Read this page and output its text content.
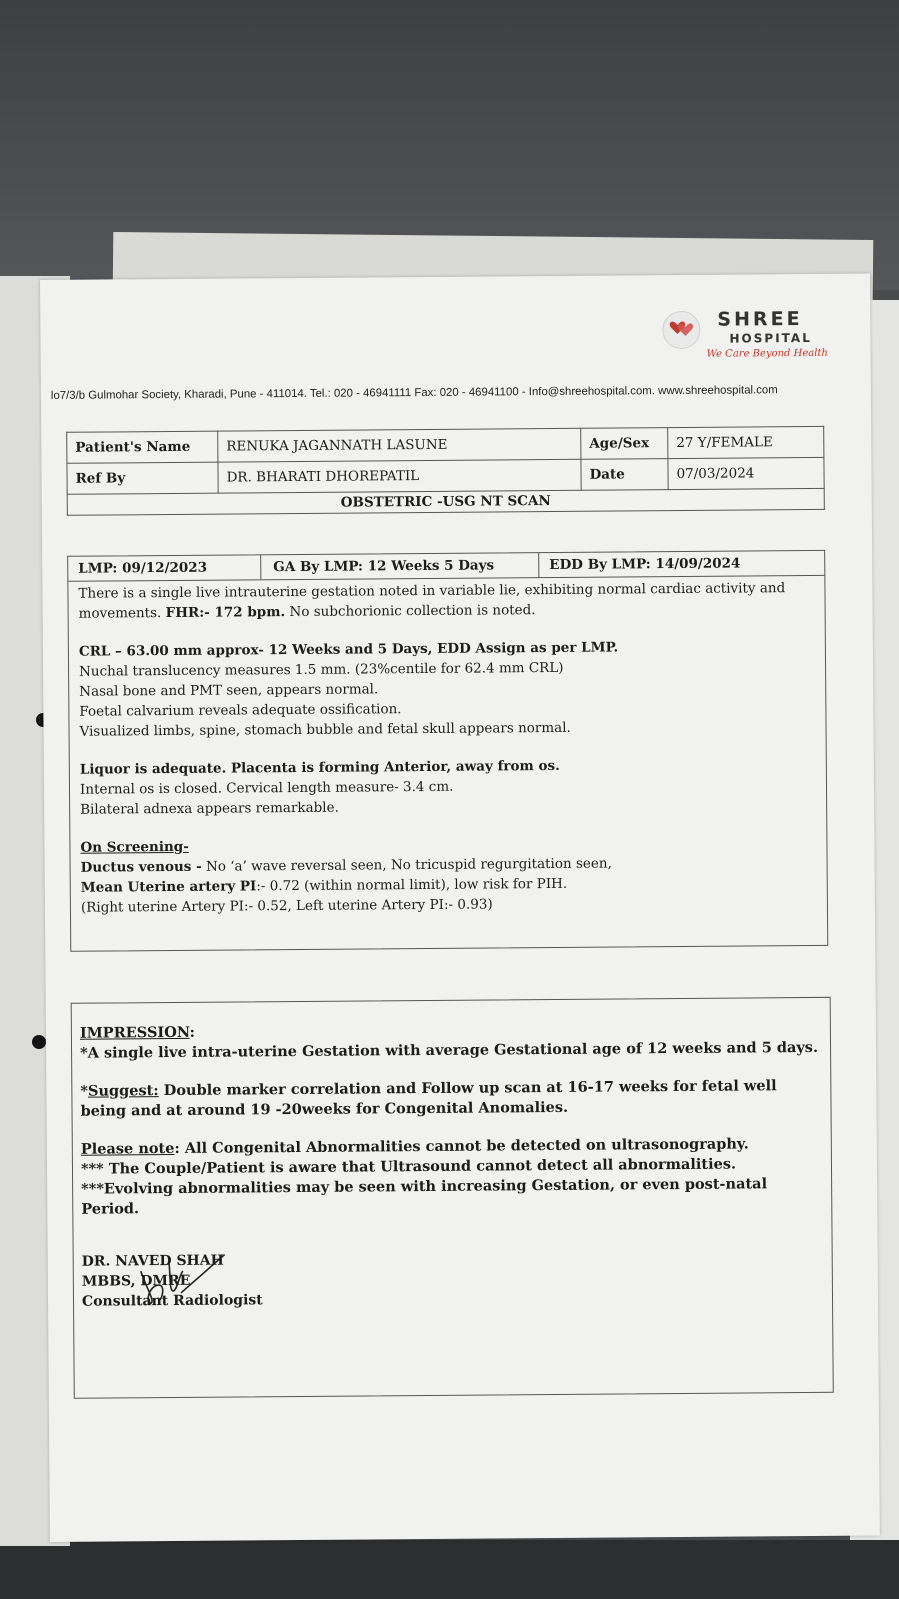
SHREE
HOSPITAL
We Care Beyond Health
lo7/3/b Gulmohar Society, Kharadi, Pune - 411014. Tel.: 020 - 46941111 Fax: 020 - 46941100 - Info@shreehospital.com. www.shreehospital.com
Patient's Name	RENUKA JAGANNATH LASUNE	Age/Sex	27 Y/FEMALE
Ref By	DR. BHARATI DHOREPATIL	Date	07/03/2024
OBSTETRIC -USG NT SCAN			
LMP: 09/12/2023	GA By LMP: 12 Weeks 5 Days	EDD By LMP: 14/09/2024

There is a single live intrauterine gestation noted in variable lie, exhibiting normal cardiac activity and movements. FHR:- 172 bpm. No subchorionic collection is noted.

CRL – 63.00 mm approx- 12 Weeks and 5 Days, EDD Assign as per LMP.

Nuchal translucency measures 1.5 mm. (23%centile for 62.4 mm CRL)

Nasal bone and PMT seen, appears normal.

Foetal calvarium reveals adequate ossification.

Visualized limbs, spine, stomach bubble and fetal skull appears normal.

Liquor is adequate. Placenta is forming Anterior, away from os.

Internal os is closed. Cervical length measure- 3.4 cm.

Bilateral adnexa appears remarkable.

On Screening-

Ductus venous - No ‘a’ wave reversal seen, No tricuspid regurgitation seen,

Mean Uterine artery PI:- 0.72 (within normal limit), low risk for PIH.

(Right uterine Artery PI:- 0.52, Left uterine Artery PI:- 0.93)

IMPRESSION:

*A single live intra-uterine Gestation with average Gestational age of 12 weeks and 5 days.

*Suggest: Double marker correlation and Follow up scan at 16-17 weeks for fetal well being and at around 19 -20weeks for Congenital Anomalies.

Please note: All Congenital Abnormalities cannot be detected on ultrasonography.

*** The Couple/Patient is aware that Ultrasound cannot detect all abnormalities.

***Evolving abnormalities may be seen with increasing Gestation, or even post-natal Period.

DR. NAVED SHAH
MBBS, DMRE
Consultant Radiologist
